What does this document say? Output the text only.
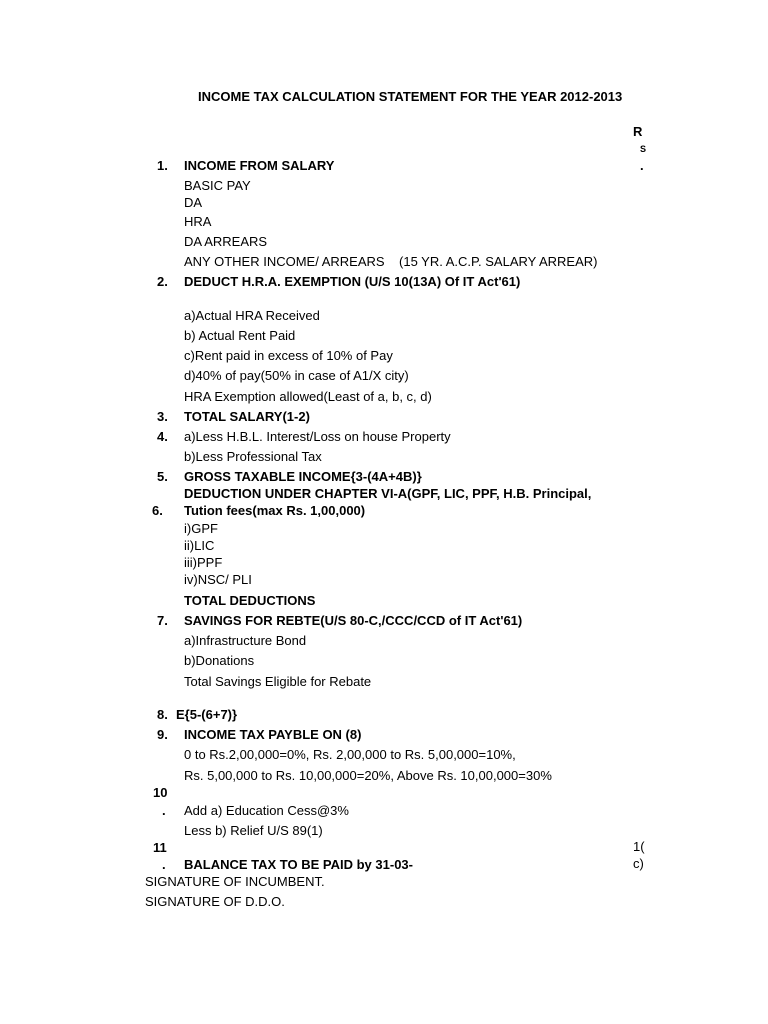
INCOME TAX CALCULATION STATEMENT FOR THE YEAR 2012-2013
R
S
.
1(
c)
1. INCOME FROM SALARY
BASIC PAY
DA
HRA
DA ARREARS
ANY OTHER INCOME/ ARREARS    (15 YR. A.C.P. SALARY ARREAR)
2. DEDUCT H.R.A. EXEMPTION (U/S 10(13A) Of IT Act'61)
a)Actual HRA Received
b) Actual Rent Paid
c)Rent paid in excess of 10% of Pay
d)40% of pay(50% in case of A1/X city)
HRA Exemption allowed(Least of a, b, c, d)
3. TOTAL SALARY(1-2)
4. a)Less H.B.L. Interest/Loss on house Property
b)Less Professional Tax
5. GROSS TAXABLE INCOME{3-(4A+4B)}
DEDUCTION UNDER CHAPTER VI-A(GPF, LIC, PPF, H.B. Principal,
6. Tution fees(max Rs. 1,00,000)
i)GPF
ii)LIC
iii)PPF
iv)NSC/ PLI
TOTAL DEDUCTIONS
7. SAVINGS FOR REBTE(U/S 80-C,/CCC/CCD of IT Act'61)
a)Infrastructure Bond
b)Donations
Total Savings Eligible for Rebate
8. E{5-(6+7)}
9. INCOME TAX PAYBLE ON (8)
0 to Rs.2,00,000=0%, Rs. 2,00,000 to Rs. 5,00,000=10%,
Rs. 5,00,000 to Rs. 10,00,000=20%, Above Rs. 10,00,000=30%
10
. Add a) Education Cess@3%
Less b) Relief U/S 89(1)
11
. BALANCE TAX TO BE PAID by 31-03-
SIGNATURE OF INCUMBENT.
SIGNATURE OF D.D.O.
